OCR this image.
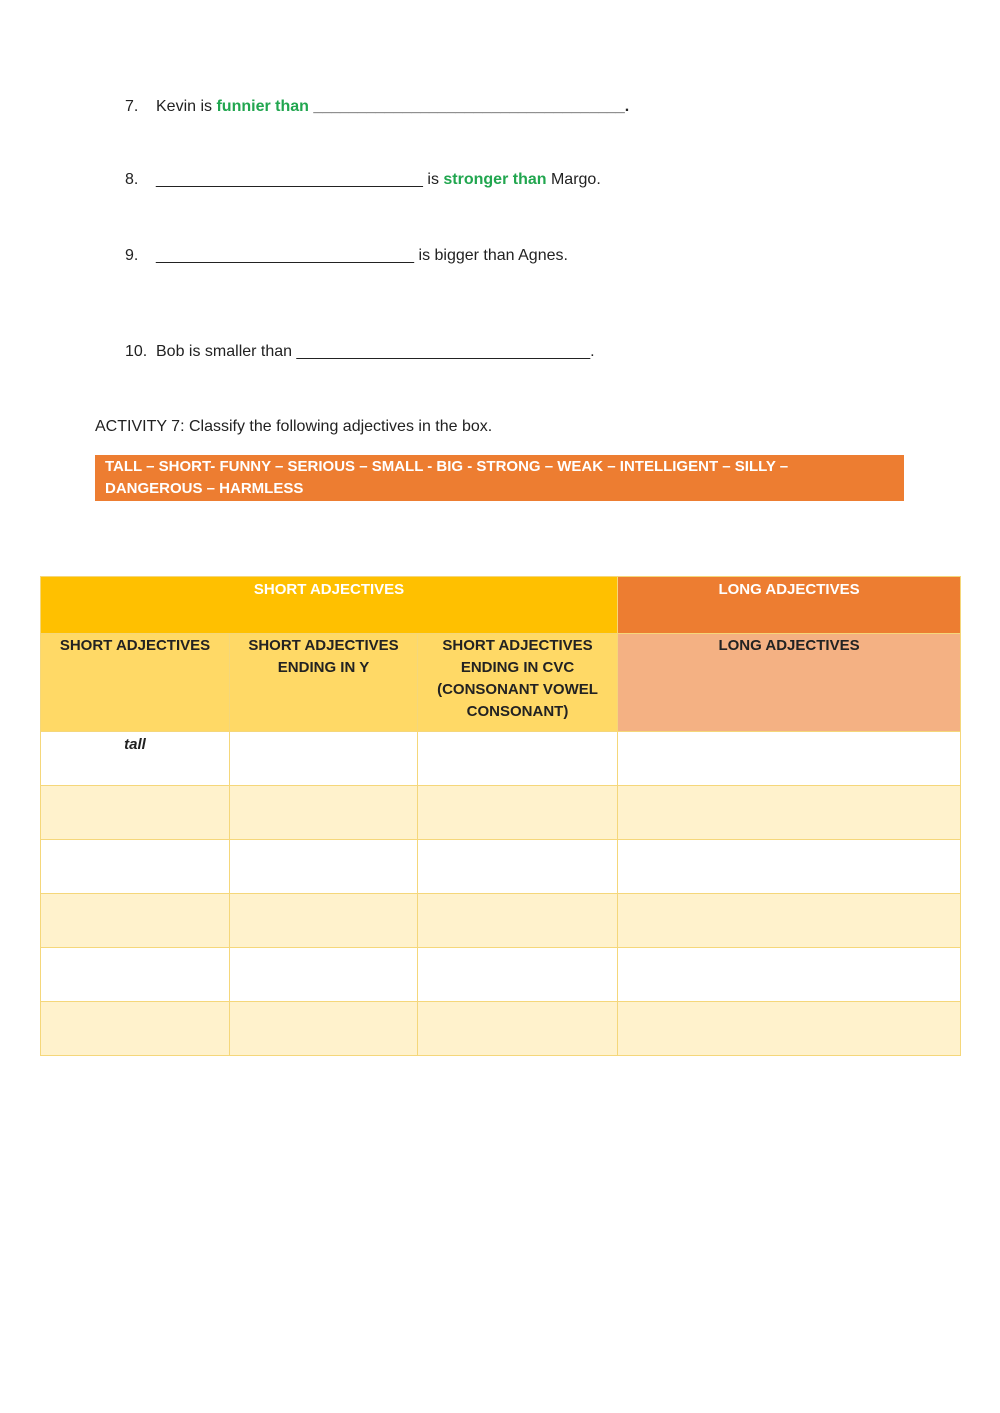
7. Kevin is funnier than ___________________________________.
8. ______________________________ is stronger than Margo.
9. _____________________________ is bigger than Agnes.
10. Bob is smaller than _________________________________.
ACTIVITY 7: Classify the following adjectives in the box.
TALL – SHORT- FUNNY – SERIOUS – SMALL - BIG - STRONG – WEAK – INTELLIGENT – SILLY –
DANGEROUS – HARMLESS
SHORT ADJECTIVES			LONG ADJECTIVES
SHORT ADJECTIVES	SHORT ADJECTIVES ENDING IN Y	SHORT ADJECTIVES ENDING IN CVC (CONSONANT VOWEL CONSONANT)	LONG ADJECTIVES
tall			
